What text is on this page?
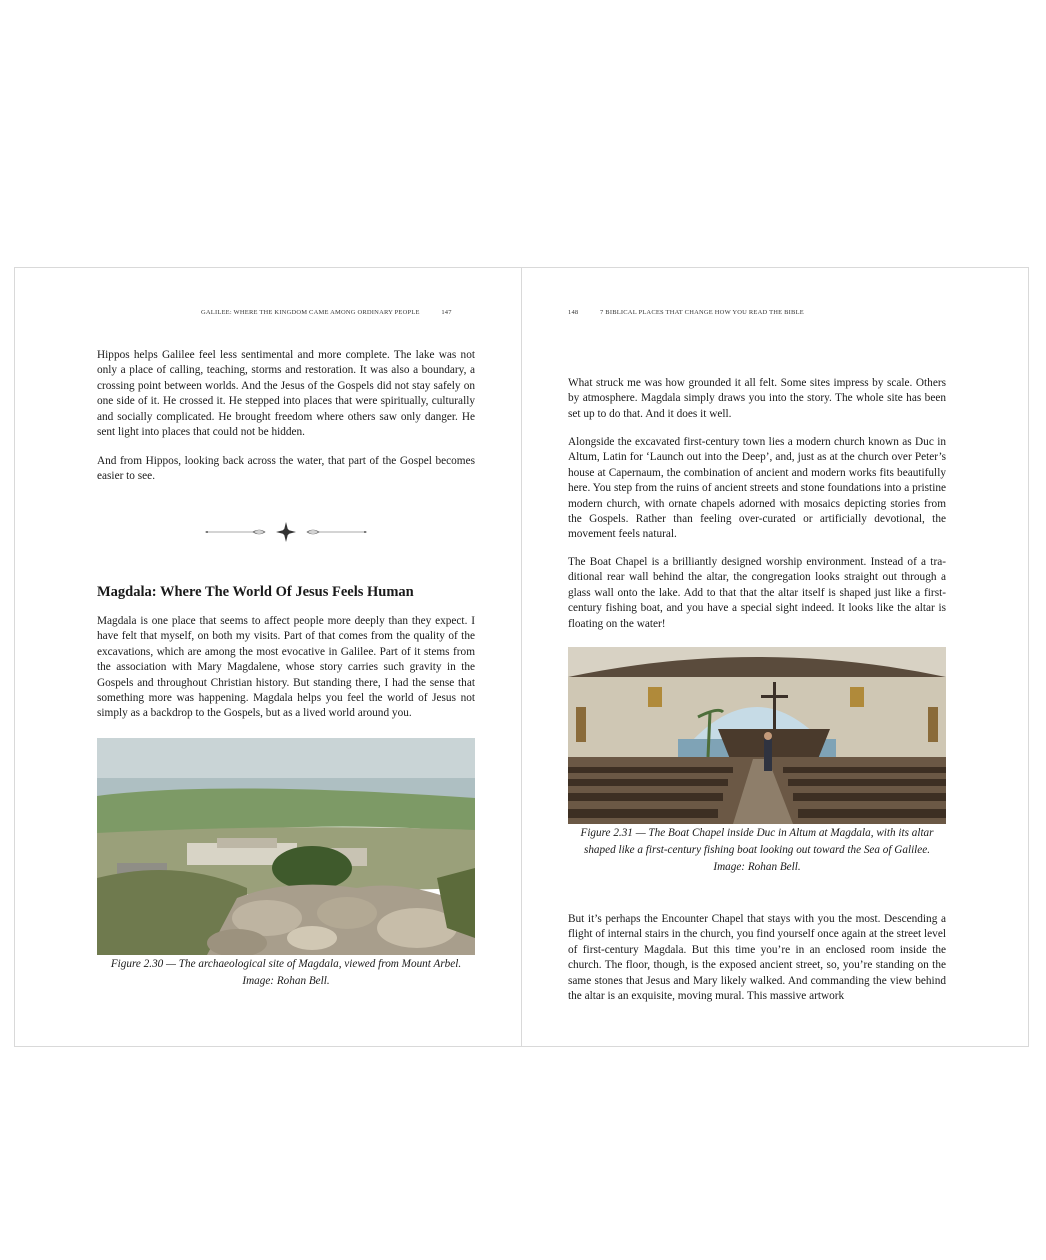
GALILEE: WHERE THE KINGDOM CAME AMONG ORDINARY PEOPLE	147

Hippos helps Galilee feel less sentimental and more complete. The lake was not only a place of calling, teaching, storms and restoration. It was also a boundary, a crossing point between worlds. And the Jesus of the Gospels did not stay safely on one side of it. He crossed it. He stepped into places that were spiritually, culturally and socially complicated. He brought freedom where others saw only danger. He sent light into places that could not be hidden.

And from Hippos, looking back across the water, that part of the Gospel becomes easier to see.

Magdala: Where The World Of Jesus Feels Human

Magdala is one place that seems to affect people more deeply than they expect. I have felt that myself, on both my visits. Part of that comes from the quality of the excavations, which are among the most evocative in Galilee. Part of it stems from the association with Mary Magdalene, whose story carries such gravity in the Gospels and throughout Christian history. But standing there, I had the sense that something more was happening. Magdala helps you feel the world of Jesus not simply as a backdrop to the Gospels, but as a lived world around you.

Figure 2.30 — The archaeological site of Magdala, viewed from Mount Arbel.
Image: Rohan Bell.

148	7 BIBLICAL PLACES THAT CHANGE HOW YOU READ THE BIBLE

What struck me was how grounded it all felt. Some sites impress by scale. Others by atmosphere. Magdala simply draws you into the story. The whole site has been set up to do that. And it does it well.

Alongside the excavated first-century town lies a modern church known as Duc in Altum, Latin for ‘Launch out into the Deep’, and, just as at the church over Peter’s house at Capernaum, the combination of ancient and modern works fits beautifully here. You step from the ruins of ancient streets and stone foundations into a pristine modern church, with ornate chapels adorned with mosaics depicting stories from the Gospels. Rather than feeling over-curated or artificially devotional, the movement feels natural.

The Boat Chapel is a brilliantly designed worship environment. Instead of a traditional rear wall behind the altar, the congregation looks straight out through a glass wall onto the lake. Add to that that the altar itself is shaped just like a first-century fishing boat, and you have a special sight indeed. It looks like the altar is floating on the water!

Figure 2.31 — The Boat Chapel inside Duc in Altum at Magdala, with its altar
shaped like a first-century fishing boat looking out toward the Sea of Galilee.
Image: Rohan Bell.

But it’s perhaps the Encounter Chapel that stays with you the most. Descending a flight of internal stairs in the church, you find yourself once again at the street level of first-century Magdala. But this time you’re in an enclosed room inside the church. The floor, though, is the exposed ancient street, so, you’re standing on the same stones that Jesus and Mary likely walked. And commanding the view behind the altar is an exquisite, moving mural. This massive artwork
